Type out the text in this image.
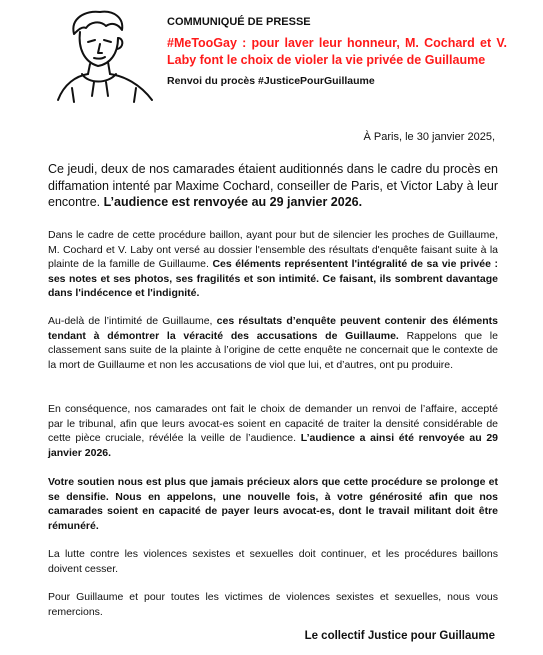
COMMUNIQUÉ DE PRESSE

#MeTooGay : pour laver leur honneur, M. Cochard et V. Laby font le choix de violer la vie privée de Guillaume

Renvoi du procès #JusticePourGuillaume

À Paris, le 30 janvier 2025,

Ce jeudi, deux de nos camarades étaient auditionnés dans le cadre du procès en diffamation intenté par Maxime Cochard, conseiller de Paris, et Victor Laby à leur encontre. L’audience est renvoyée au 29 janvier 2026.

Dans le cadre de cette procédure baillon, ayant pour but de silencier les proches de Guillaume, M. Cochard et V. Laby ont versé au dossier l'ensemble des résultats d'enquête faisant suite à la plainte de la famille de Guillaume. Ces éléments représentent l'intégralité de sa vie privée : ses notes et ses photos, ses fragilités et son intimité. Ce faisant, ils sombrent davantage dans l'indécence et l'indignité.

Au-delà de l’intimité de Guillaume, ces résultats d’enquête peuvent contenir des éléments tendant à démontrer la véracité des accusations de Guillaume. Rappelons que le classement sans suite de la plainte à l’origine de cette enquête ne concernait que le contexte de la mort de Guillaume et non les accusations de viol que lui, et d’autres, ont pu produire.

En conséquence, nos camarades ont fait le choix de demander un renvoi de l’affaire, accepté par le tribunal, afin que leurs avocat-es soient en capacité de traiter la densité considérable de cette pièce cruciale, révélée la veille de l’audience. L’audience a ainsi été renvoyée au 29 janvier 2026.

Votre soutien nous est plus que jamais précieux alors que cette procédure se prolonge et se densifie. Nous en appelons, une nouvelle fois, à votre générosité afin que nos camarades soient en capacité de payer leurs avocat-es, dont le travail militant doit être rémunéré.

La lutte contre les violences sexistes et sexuelles doit continuer, et les procédures baillons doivent cesser.

Pour Guillaume et pour toutes les victimes de violences sexistes et sexuelles, nous vous remercions.

Le collectif Justice pour Guillaume
